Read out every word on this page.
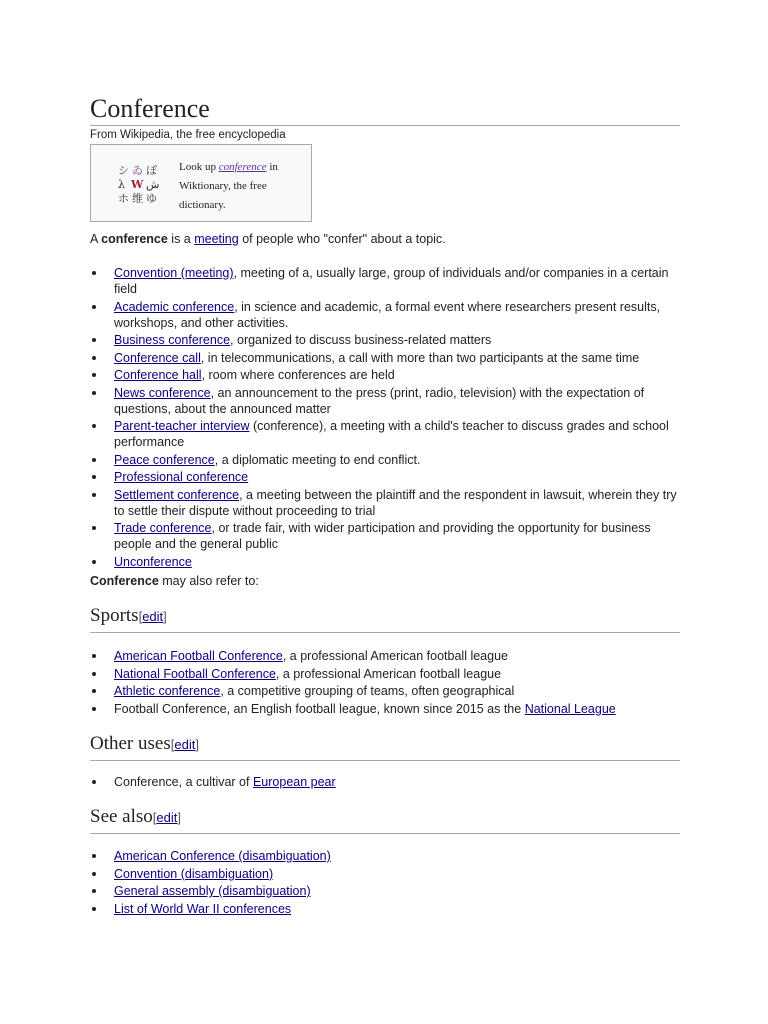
Conference
From Wikipedia, the free encyclopedia
シ ゐ ぽ
λ W ش
ホ 维 ゆ
Look up conference in Wiktionary, the free dictionary.
A conference is a meeting of people who "confer" about a topic.
Convention (meeting), meeting of a, usually large, group of individuals and/or companies in a certain field
Academic conference, in science and academic, a formal event where researchers present results, workshops, and other activities.
Business conference, organized to discuss business-related matters
Conference call, in telecommunications, a call with more than two participants at the same time
Conference hall, room where conferences are held
News conference, an announcement to the press (print, radio, television) with the expectation of questions, about the announced matter
Parent-teacher interview (conference), a meeting with a child's teacher to discuss grades and school performance
Peace conference, a diplomatic meeting to end conflict.
Professional conference
Settlement conference, a meeting between the plaintiff and the respondent in lawsuit, wherein they try to settle their dispute without proceeding to trial
Trade conference, or trade fair, with wider participation and providing the opportunity for business people and the general public
Unconference
Conference may also refer to:
Sports[edit]
American Football Conference, a professional American football league
National Football Conference, a professional American football league
Athletic conference, a competitive grouping of teams, often geographical
Football Conference, an English football league, known since 2015 as the National League
Other uses[edit]
Conference, a cultivar of European pear
See also[edit]
American Conference (disambiguation)
Convention (disambiguation)
General assembly (disambiguation)
List of World War II conferences
